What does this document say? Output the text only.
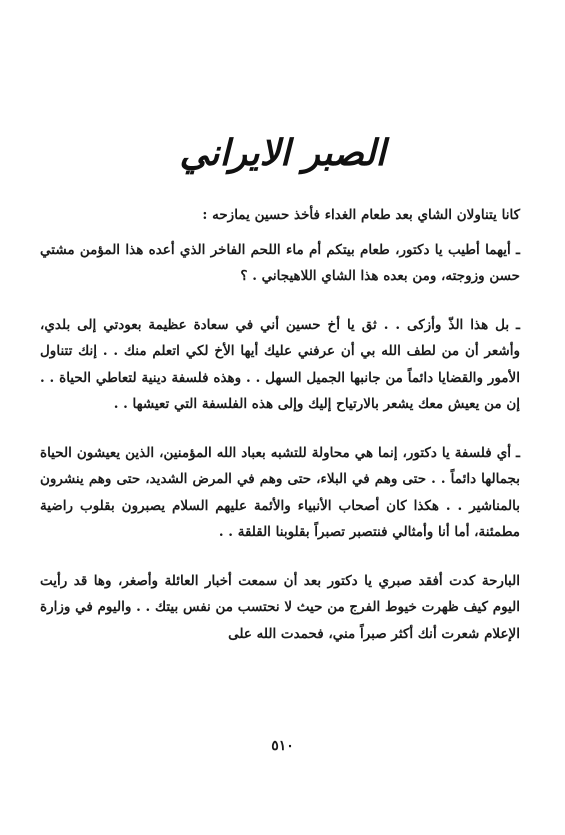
الصبر الايراني

كانا يتناولان الشاي بعد طعام الغداء فأخذ حسين يمازحه :

ـ أيهما أطيب يا دكتور، طعام بيتكم أم ماء اللحم الفاخر الذي أعده هذا المؤمن مشتي حسن وزوجته، ومن بعده هذا الشاي اللاهيجاني . ؟

ـ بل هذا الذّ وأزكى . . ثق يا أخ حسين أني في سعادة عظيمة بعودتي إلى بلدي، وأشعر أن من لطف الله بي أن عرفني عليك أيها الأخ لكي اتعلم منك . . إنك تتناول الأمور والقضايا دائماً من جانبها الجميل السهل . . وهذه فلسفة دينية لتعاطي الحياة . . إن من يعيش معك يشعر بالارتياح إليك وإلى هذه الفلسفة التي تعيشها . .

ـ أي فلسفة يا دكتور، إنما هي محاولة للتشبه بعباد الله المؤمنين، الذين يعيشون الحياة بجمالها دائماً . . حتى وهم في البلاء، حتى وهم في المرض الشديد، حتى وهم ينشرون بالمناشير . . هكذا كان أصحاب الأنبياء والأئمة عليهم السلام يصبرون بقلوب راضية مطمئنة، أما أنا وأمثالي فنتصبر تصبراً بقلوبنا القلقة . .

البارحة كدت أفقد صبري يا دكتور بعد أن سمعت أخبار العائلة وأصغر، وها قد رأيت اليوم كيف ظهرت خيوط الفرج من حيث لا نحتسب من نفس بيتك . . واليوم في وزارة الإعلام شعرت أنك أكثر صبراً مني، فحمدت الله على

٥١٠
